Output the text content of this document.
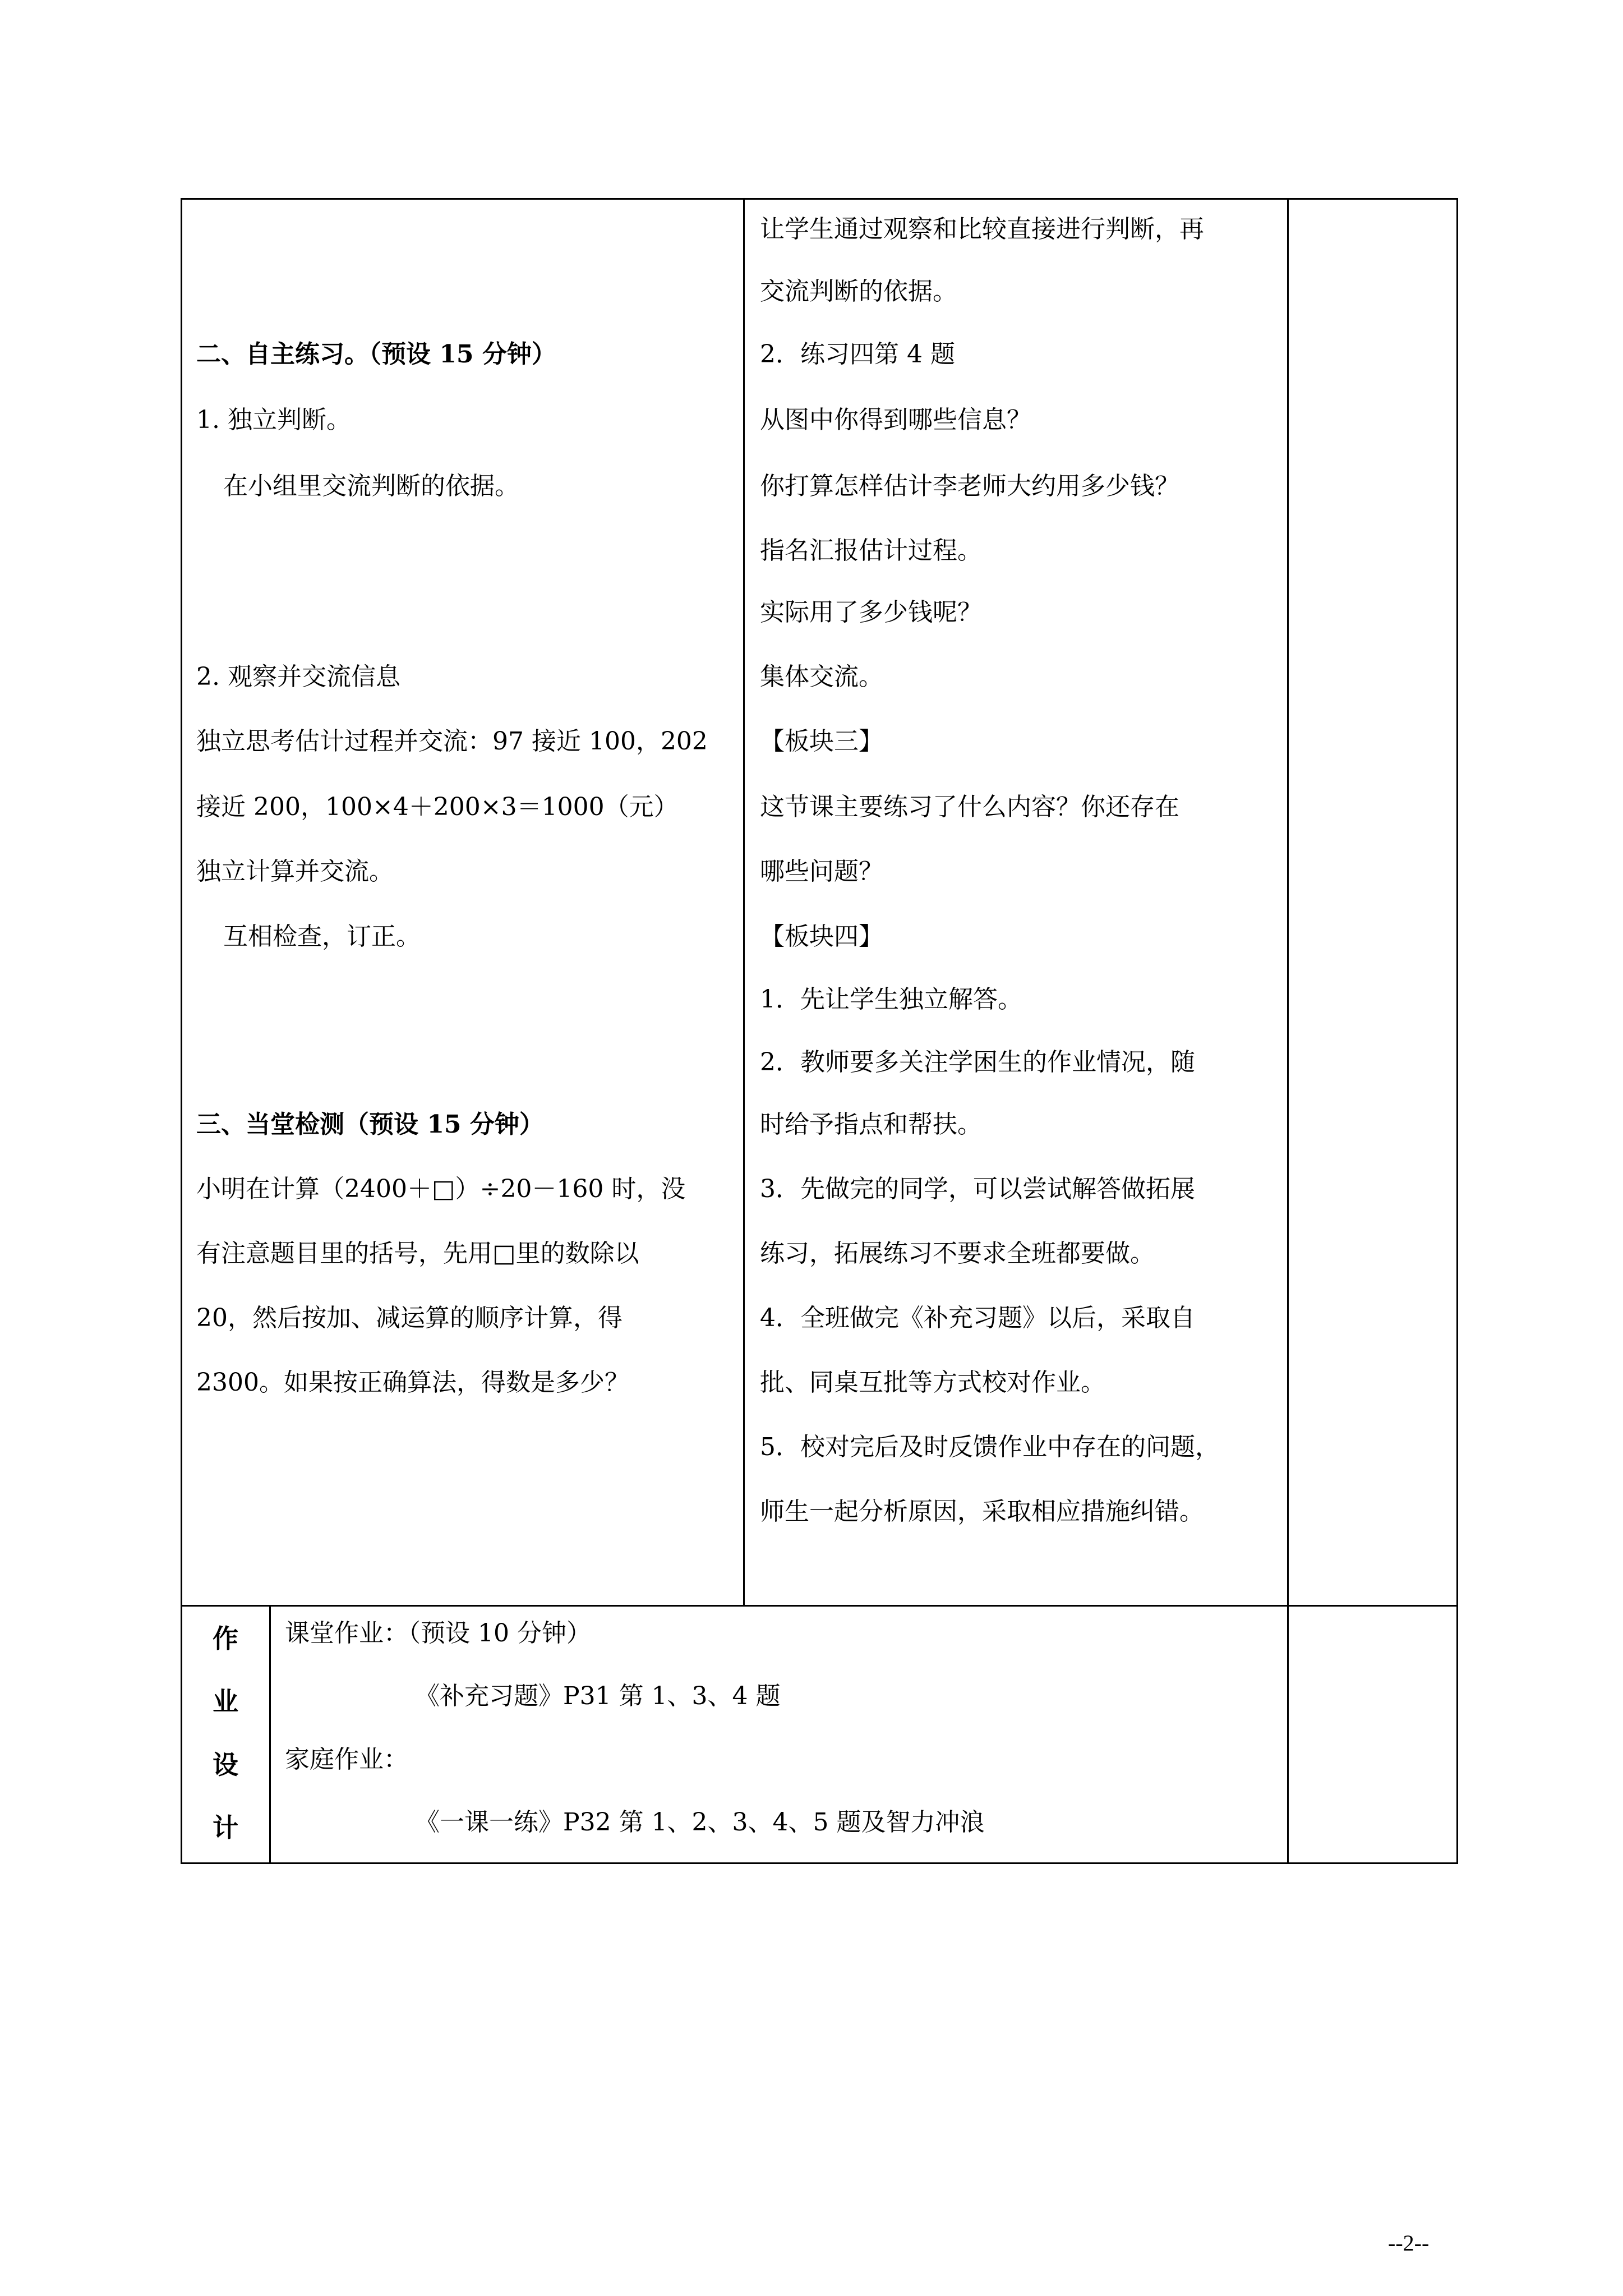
二、自主练习。（预设 15 分钟）
1. 独立判断。
在小组里交流判断的依据。
2. 观察并交流信息
独立思考估计过程并交流：97 接近 100，202
接近 200，100×4＋200×3＝1000（元）
独立计算并交流。
互相检查，订正。
三、当堂检测（预设 15 分钟）
小明在计算（2400＋□）÷20－160 时，没
有注意题目里的括号，先用□里的数除以
20，然后按加、减运算的顺序计算，得
2300。如果按正确算法，得数是多少？
让学生通过观察和比较直接进行判断，再
交流判断的依据。
2．练习四第 4 题
从图中你得到哪些信息？
你打算怎样估计李老师大约用多少钱？
指名汇报估计过程。
实际用了多少钱呢？
集体交流。
【板块三】
这节课主要练习了什么内容？你还存在
哪些问题？
【板块四】
1．先让学生独立解答。
2．教师要多关注学困生的作业情况，随
时给予指点和帮扶。
3．先做完的同学，可以尝试解答做拓展
练习，拓展练习不要求全班都要做。
4．全班做完《补充习题》以后，采取自
批、同桌互批等方式校对作业。
5．校对完后及时反馈作业中存在的问题，
师生一起分析原因，采取相应措施纠错。
作
业
设
计
课堂作业：（预设 10 分钟）
《补充习题》P31 第 1、3、4 题
家庭作业：
《一课一练》P32 第 1、2、3、4、5 题及智力冲浪
--2--
